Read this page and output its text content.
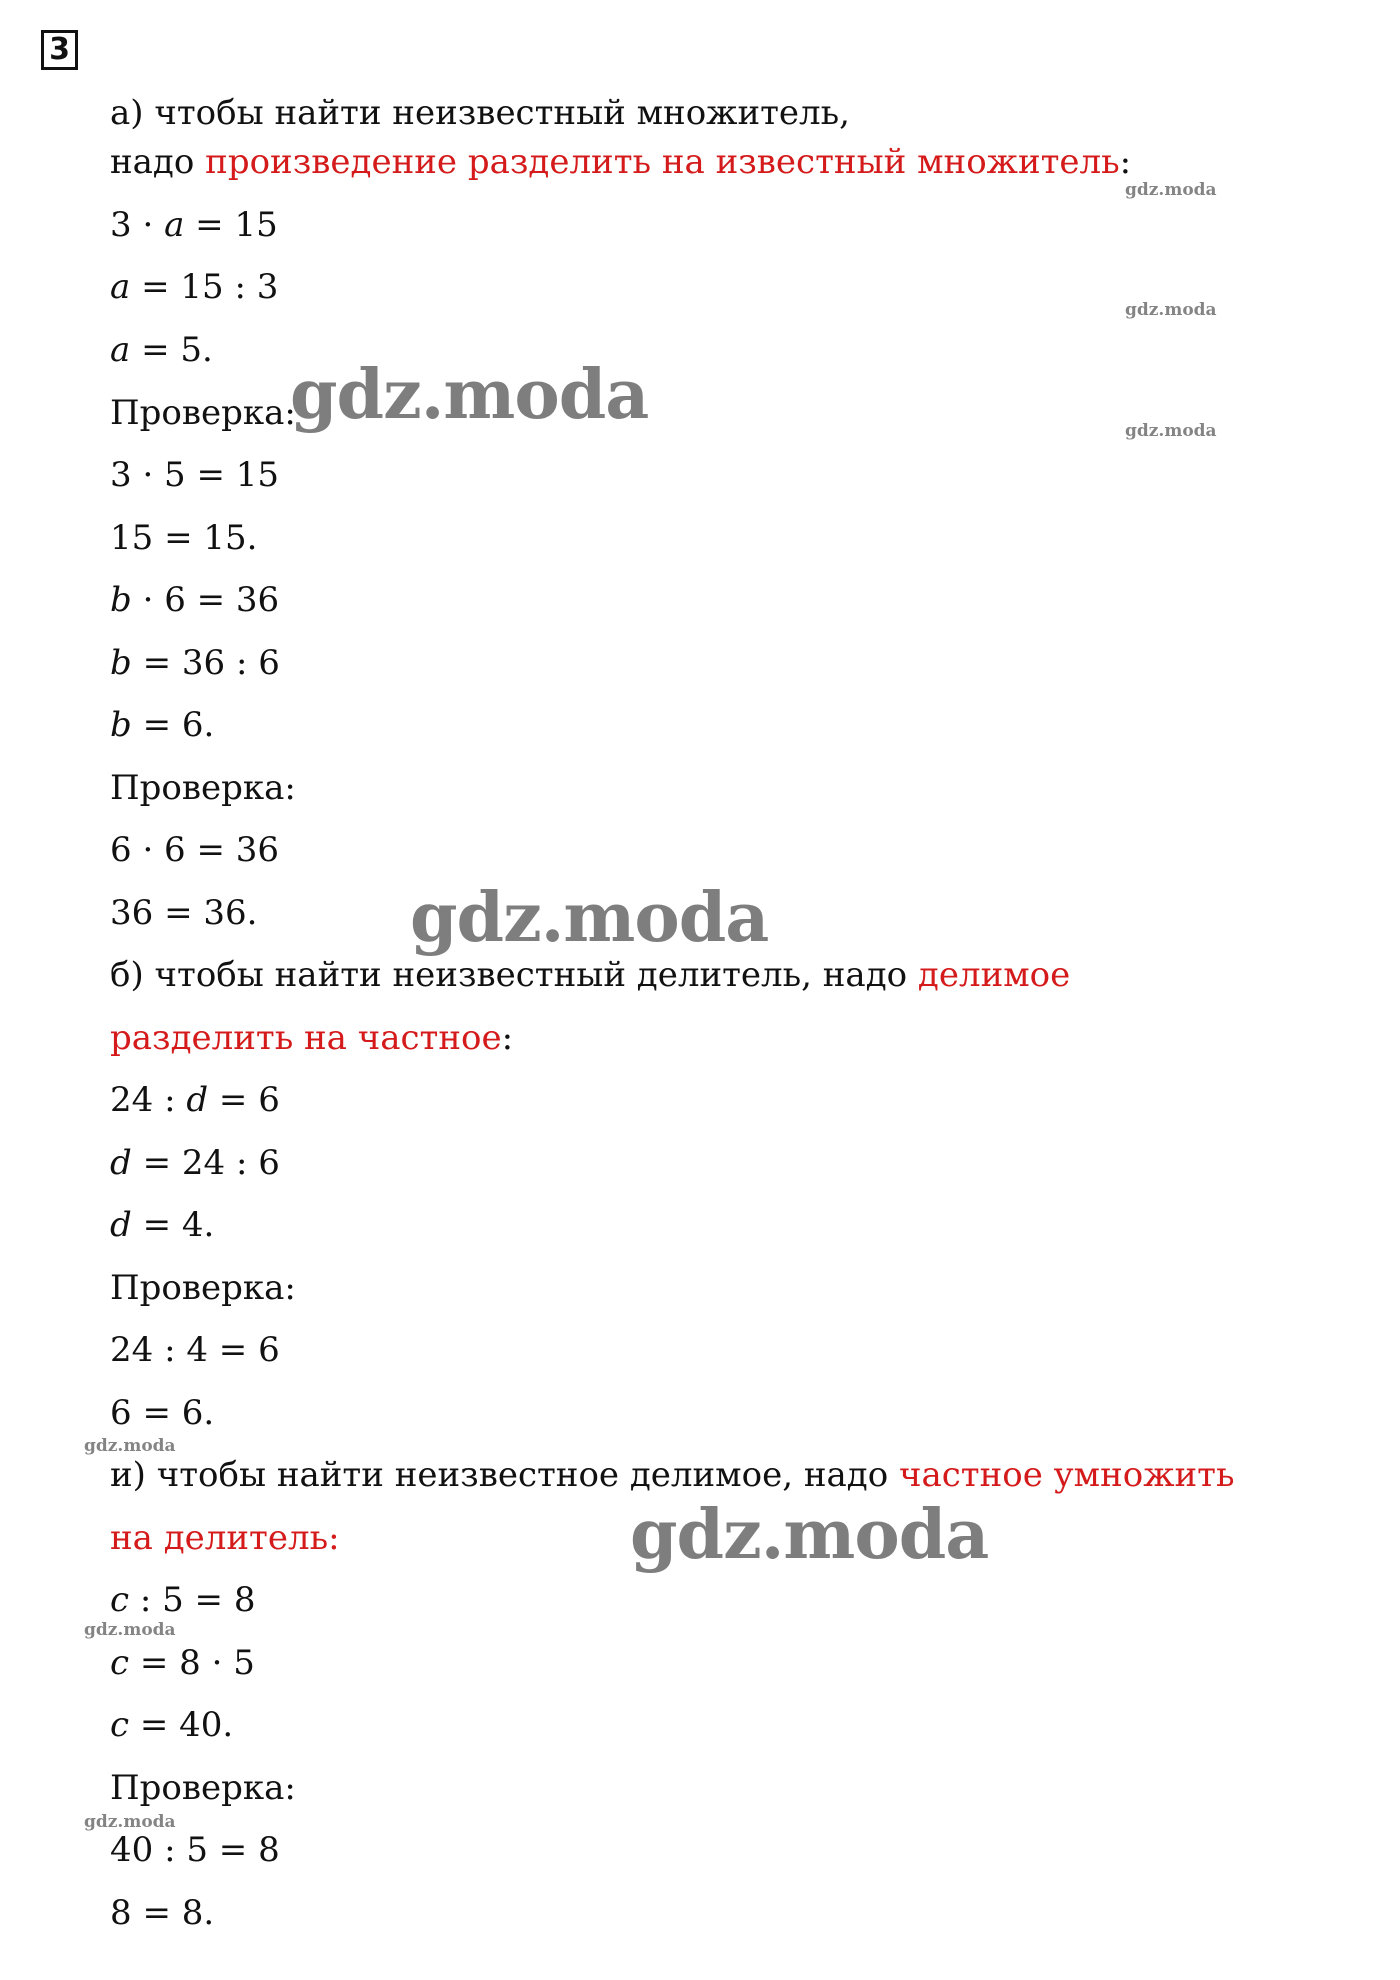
3
а) чтобы найти неизвестный множитель,
надо произведение разделить на известный множитель:
3 · a = 15
a = 15 : 3
a = 5.
Проверка:
3 · 5 = 15
15 = 15.
b · 6 = 36
b = 36 : 6
b = 6.
Проверка:
6 · 6 = 36
36 = 36.
б) чтобы найти неизвестный делитель, надо делимое
разделить на частное:
24 : d = 6
d = 24 : 6
d = 4.
Проверка:
24 : 4 = 6
6 = 6.
и) чтобы найти неизвестное делимое, надо частное умножить
на делитель:
c : 5 = 8
c = 8 · 5
c = 40.
Проверка:
40 : 5 = 8
8 = 8.
gdz.moda
gdz.moda
gdz.moda
gdz.moda
gdz.moda
gdz.moda
gdz.moda
gdz.moda
gdz.moda
